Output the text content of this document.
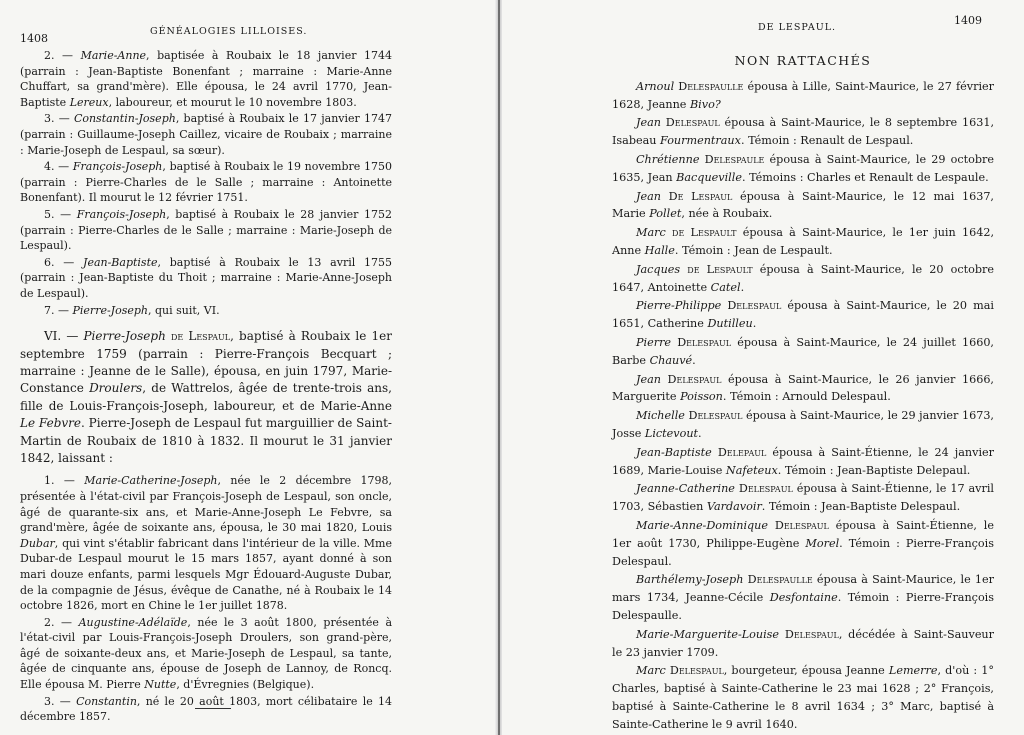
1408
GÉNÉALOGIES LILLOISES.

2. — Marie-Anne, baptisée à Roubaix le 18 janvier 1744 (parrain : Jean-Baptiste Bonenfant ; marraine : Marie-Anne Chuffart, sa grand'mère). Elle épousa, le 24 avril 1770, Jean-Baptiste Lereux, laboureur, et mourut le 10 novembre 1803.

3. — Constantin-Joseph, baptisé à Roubaix le 17 janvier 1747 (parrain : Guillaume-Joseph Caillez, vicaire de Roubaix ; marraine : Marie-Joseph de Lespaul, sa sœur).

4. — François-Joseph, baptisé à Roubaix le 19 novembre 1750 (parrain : Pierre-Charles de le Salle ; marraine : Antoinette Bonenfant). Il mourut le 12 février 1751.

5. — François-Joseph, baptisé à Roubaix le 28 janvier 1752 (parrain : Pierre-Charles de le Salle ; marraine : Marie-Joseph de Lespaul).

6. — Jean-Baptiste, baptisé à Roubaix le 13 avril 1755 (parrain : Jean-Baptiste du Thoit ; marraine : Marie-Anne-Joseph de Lespaul).

7. — Pierre-Joseph, qui suit, VI.

VI. — Pierre-Joseph de Lespaul, baptisé à Roubaix le 1er septembre 1759 (parrain : Pierre-François Becquart ; marraine : Jeanne de le Salle), épousa, en juin 1797, Marie-Constance Droulers, de Wattrelos, âgée de trente-trois ans, fille de Louis-François-Joseph, laboureur, et de Marie-Anne Le Febvre. Pierre-Joseph de Lespaul fut marguillier de Saint-Martin de Roubaix de 1810 à 1832. Il mourut le 31 janvier 1842, laissant :

1. — Marie-Catherine-Joseph, née le 2 décembre 1798, présentée à l'état-civil par François-Joseph de Lespaul, son oncle, âgé de quarante-six ans, et Marie-Anne-Joseph Le Febvre, sa grand'mère, âgée de soixante ans, épousa, le 30 mai 1820, Louis Dubar, qui vint s'établir fabricant dans l'intérieur de la ville. Mme Dubar-de Lespaul mourut le 15 mars 1857, ayant donné à son mari douze enfants, parmi lesquels Mgr Édouard-Auguste Dubar, de la compagnie de Jésus, évêque de Canathe, né à Roubaix le 14 octobre 1826, mort en Chine le 1er juillet 1878.

2. — Augustine-Adélaïde, née le 3 août 1800, présentée à l'état-civil par Louis-François-Joseph Droulers, son grand-père, âgé de soixante-deux ans, et Marie-Joseph de Lespaul, sa tante, âgée de cinquante ans, épouse de Joseph de Lannoy, de Roncq. Elle épousa M. Pierre Nutte, d'Évregnies (Belgique).

3. — Constantin, né le 20 août 1803, mort célibataire le 14 décembre 1857.

DE LESPAUL.
1409
NON RATTACHÉS

Arnoul Delespaulle épousa à Lille, Saint-Maurice, le 27 février 1628, Jeanne Bivo?

Jean Delespaul épousa à Saint-Maurice, le 8 septembre 1631, Isabeau Fourmentraux. Témoin : Renault de Lespaul.

Chrétienne Delespaule épousa à Saint-Maurice, le 29 octobre 1635, Jean Bacqueville. Témoins : Charles et Renault de Lespaule.

Jean De Lespaul épousa à Saint-Maurice, le 12 mai 1637, Marie Pollet, née à Roubaix.

Marc de Lespault épousa à Saint-Maurice, le 1er juin 1642, Anne Halle. Témoin : Jean de Lespault.

Jacques de Lespault épousa à Saint-Maurice, le 20 octobre 1647, Antoinette Catel.

Pierre-Philippe Delespaul épousa à Saint-Maurice, le 20 mai 1651, Catherine Dutilleu.

Pierre Delespaul épousa à Saint-Maurice, le 24 juillet 1660, Barbe Chauvé.

Jean Delespaul épousa à Saint-Maurice, le 26 janvier 1666, Marguerite Poisson. Témoin : Arnould Delespaul.

Michelle Delespaul épousa à Saint-Maurice, le 29 janvier 1673, Josse Lictevout.

Jean-Baptiste Delepaul épousa à Saint-Étienne, le 24 janvier 1689, Marie-Louise Nafeteux. Témoin : Jean-Baptiste Delepaul.

Jeanne-Catherine Delespaul épousa à Saint-Étienne, le 17 avril 1703, Sébastien Vardavoir. Témoin : Jean-Baptiste Delespaul.

Marie-Anne-Dominique Delespaul épousa à Saint-Étienne, le 1er août 1730, Philippe-Eugène Morel. Témoin : Pierre-François Delespaul.

Barthélemy-Joseph Delespaulle épousa à Saint-Maurice, le 1er mars 1734, Jeanne-Cécile Desfontaine. Témoin : Pierre-François Delespaulle.

Marie-Marguerite-Louise Delespaul, décédée à Saint-Sauveur le 23 janvier 1709.

Marc Delespaul, bourgeteur, épousa Jeanne Lemerre, d'où : 1° Charles, baptisé à Sainte-Catherine le 23 mai 1628 ; 2° François, baptisé à Sainte-Catherine le 8 avril 1634 ; 3° Marc, baptisé à Sainte-Catherine le 9 avril 1640.
